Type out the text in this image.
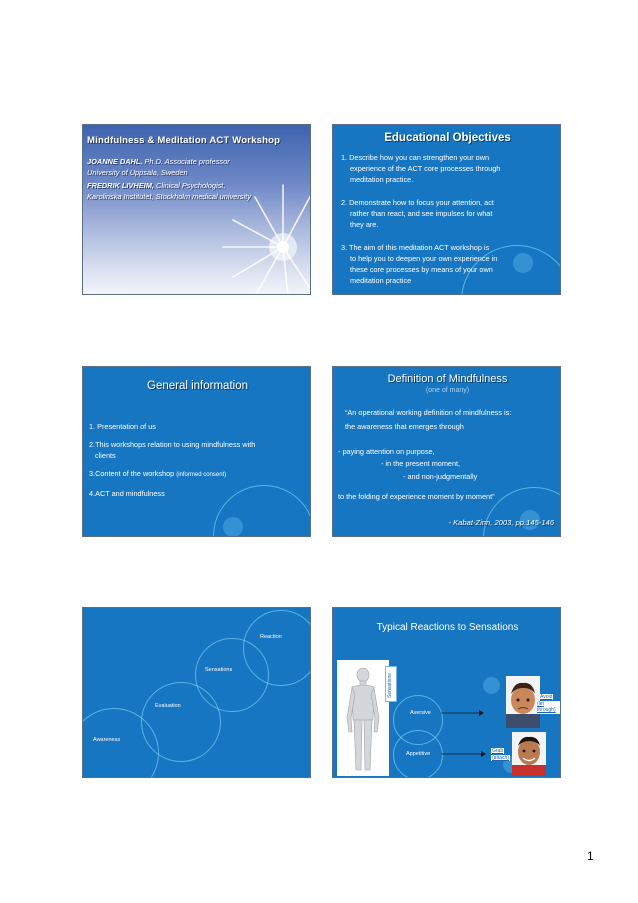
Mindfulness & Meditation ACT Workshop
JOANNE DAHL, Ph.D. Associate professor
University of Uppsala, Sweden
FREDRIK LIVHEIM, Clinical Psychologist,
Karolinska Institutet, Stockholm medical university
Educational Objectives
1. Describe how you can strengthen your own
experience of the ACT core processes through
meditation practice.
2. Demonstrate how to focus your attention, act
rather than react, and see impulses for what
they are.
3. The aim of this meditation ACT workshop is
to help you to deepen your own experience in
these core processes by means of your own
meditation practice
General information
1. Presentation of us
2.This workshops relation to using mindfulness with
clients
3.Content of the workshop (informed consent)
4.ACT and mindfulness
Definition of Mindfulness
(one of many)
“An operational working definition of mindfulness is:
the awareness that emerges through
- paying attention on purpose,
- in the present moment,
- and non-judgmentally
to the folding of experience moment by moment”
- Kabat-Zinn, 2003, pp.145-146
Reaction
Sensations
Evaluation
Awareness
Typical Reactions to Sensations
Sensations
Aversive
Appetitive
Avoid
(let through)
Grab
(attach)
1
